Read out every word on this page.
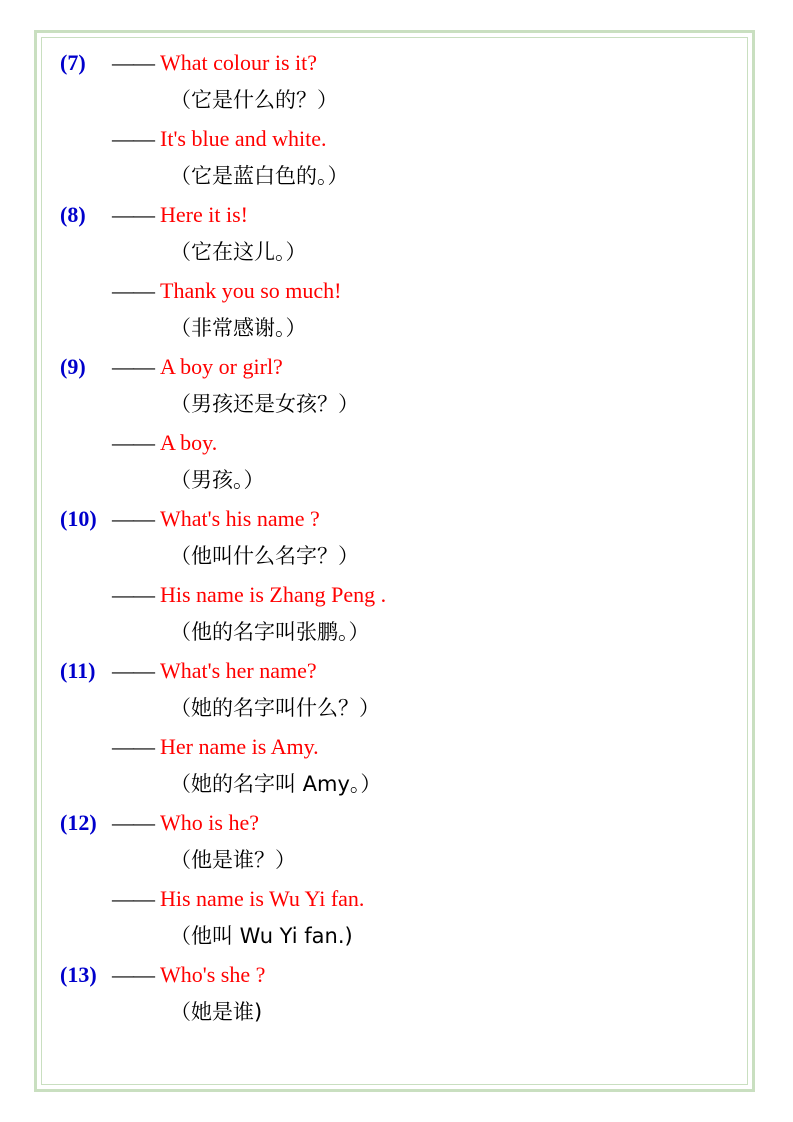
(7) ——	What colour is it?
（它是什么的？）
——
It's blue and white.
（它是蓝白色的。）
(8) ——	Here it is!
（它在这儿。）
——
Thank you so much!
（非常感谢。）
(9) ——	A boy or girl?
（男孩还是女孩？）
——
A boy.
（男孩。）
(10) ——	What's his name ?
（他叫什么名字？）
——
His name is Zhang Peng .
（他的名字叫张鹏。）
(11) ——	What's her name?
（她的名字叫什么？）
——
Her name is Amy.
（她的名字叫 Amy。）
(12) ——	Who is he?
（他是谁？）
——
His name is Wu Yi fan.
（他叫 Wu Yi fan.)
(13) ——	Who's she ?
（她是谁)
